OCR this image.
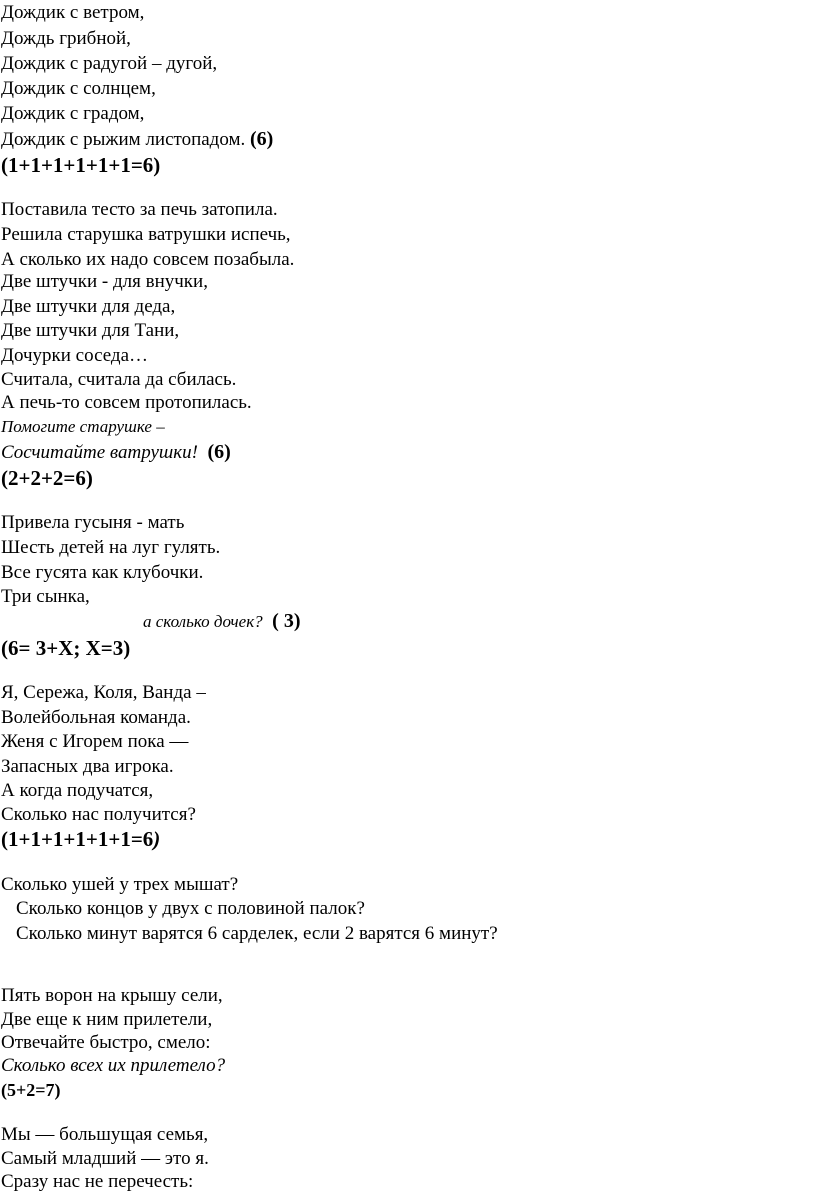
Дождик с ветром,
Дождь грибной,
Дождик с радугой – дугой,
Дождик с солнцем,
Дождик с градом,
Дождик с рыжим листопадом. (6)
(1+1+1+1+1+1=6)
Поставила тесто за печь затопила.
Решила старушка ватрушки испечь,
А сколько их надо совсем позабыла.
Две штучки - для внучки,
Две штучки для деда,
Две штучки для Тани,
Дочурки соседа…
Считала, считала да сбилась.
А печь-то совсем протопилась.
Помогите старушке –
Сосчитайте ватрушки! (6)
(2+2+2=6)
Привела гусыня - мать
Шесть детей на луг гулять.
Все гусята как клубочки.
Три сынка,
а сколько дочек? ( 3)
(6= 3+Х; Х=3)
Я, Сережа, Коля, Ванда –
Волейбольная команда.
Женя с Игорем пока —
Запасных два игрока.
А когда подучатся,
Сколько нас получится?
(1+1+1+1+1+1=6)
Сколько ушей у трех мышат?
Сколько концов у двух с половиной палок?
Сколько минут варятся 6 сарделек, если 2 варятся 6 минут?
Пять ворон на крышу сели,
Две еще к ним прилетели,
Отвечайте быстро, смело:
Сколько всех их прилетело?
(5+2=7)
Мы — большущая семья,
Самый младший — это я.
Сразу нас не перечесть:
